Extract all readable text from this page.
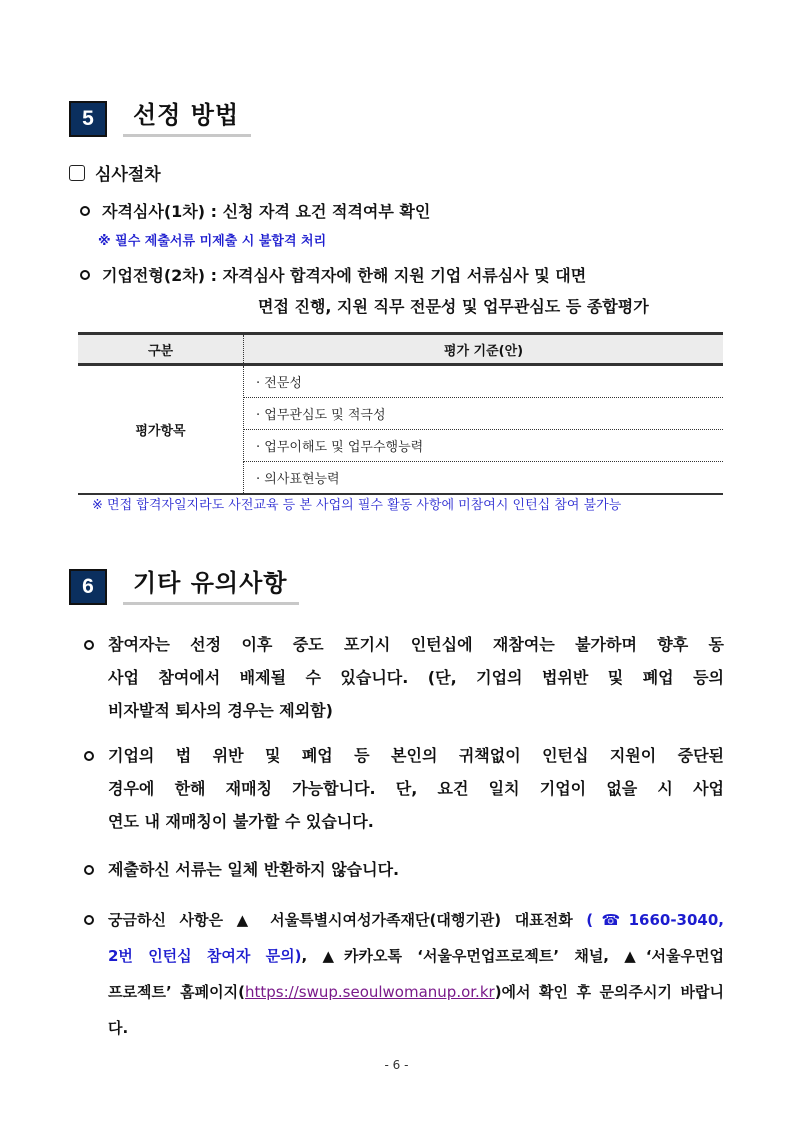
5	선정 방법
심사절차
자격심사(1차) : 신청 자격 요건 적격여부 확인
※ 필수 제출서류 미제출 시 불합격 처리
기업전형(2차) : 자격심사 합격자에 한해 지원 기업 서류심사 및 대면
면접 진행, 지원 직무 전문성 및 업무관심도 등 종합평가
구분	평가 기준(안)
평가항목	· 전문성
	· 업무관심도 및 적극성
	· 업무이해도 및 업무수행능력
	· 의사표현능력
※ 면접 합격자일지라도 사전교육 등 본 사업의 필수 활동 사항에 미참여시 인턴십 참여 불가능
6	기타 유의사항
참여자는 선정 이후 중도 포기시 인턴십에 재참여는 불가하며 향후 동
사업 참여에서 배제될 수 있습니다. (단, 기업의 법위반 및 폐업 등의
비자발적 퇴사의 경우는 제외함)
기업의 법 위반 및 폐업 등 본인의 귀책없이 인턴십 지원이 중단된
경우에 한해 재매칭 가능합니다. 단, 요건 일치 기업이 없을 시 사업
연도 내 재매칭이 불가할 수 있습니다.
제출하신 서류는 일체 반환하지 않습니다.
궁금하신 사항은 ▲ 서울특별시여성가족재단(대행기관) 대표전화 (☎1660-3040,
2번 인턴십 참여자 문의), ▲카카오톡 ‘서울우먼업프로젝트’ 채널, ▲‘서울우먼업
프로젝트’ 홈페이지(https://swup.seoulwomanup.or.kr)에서 확인 후 문의주시기 바랍니다.
- 6 -
